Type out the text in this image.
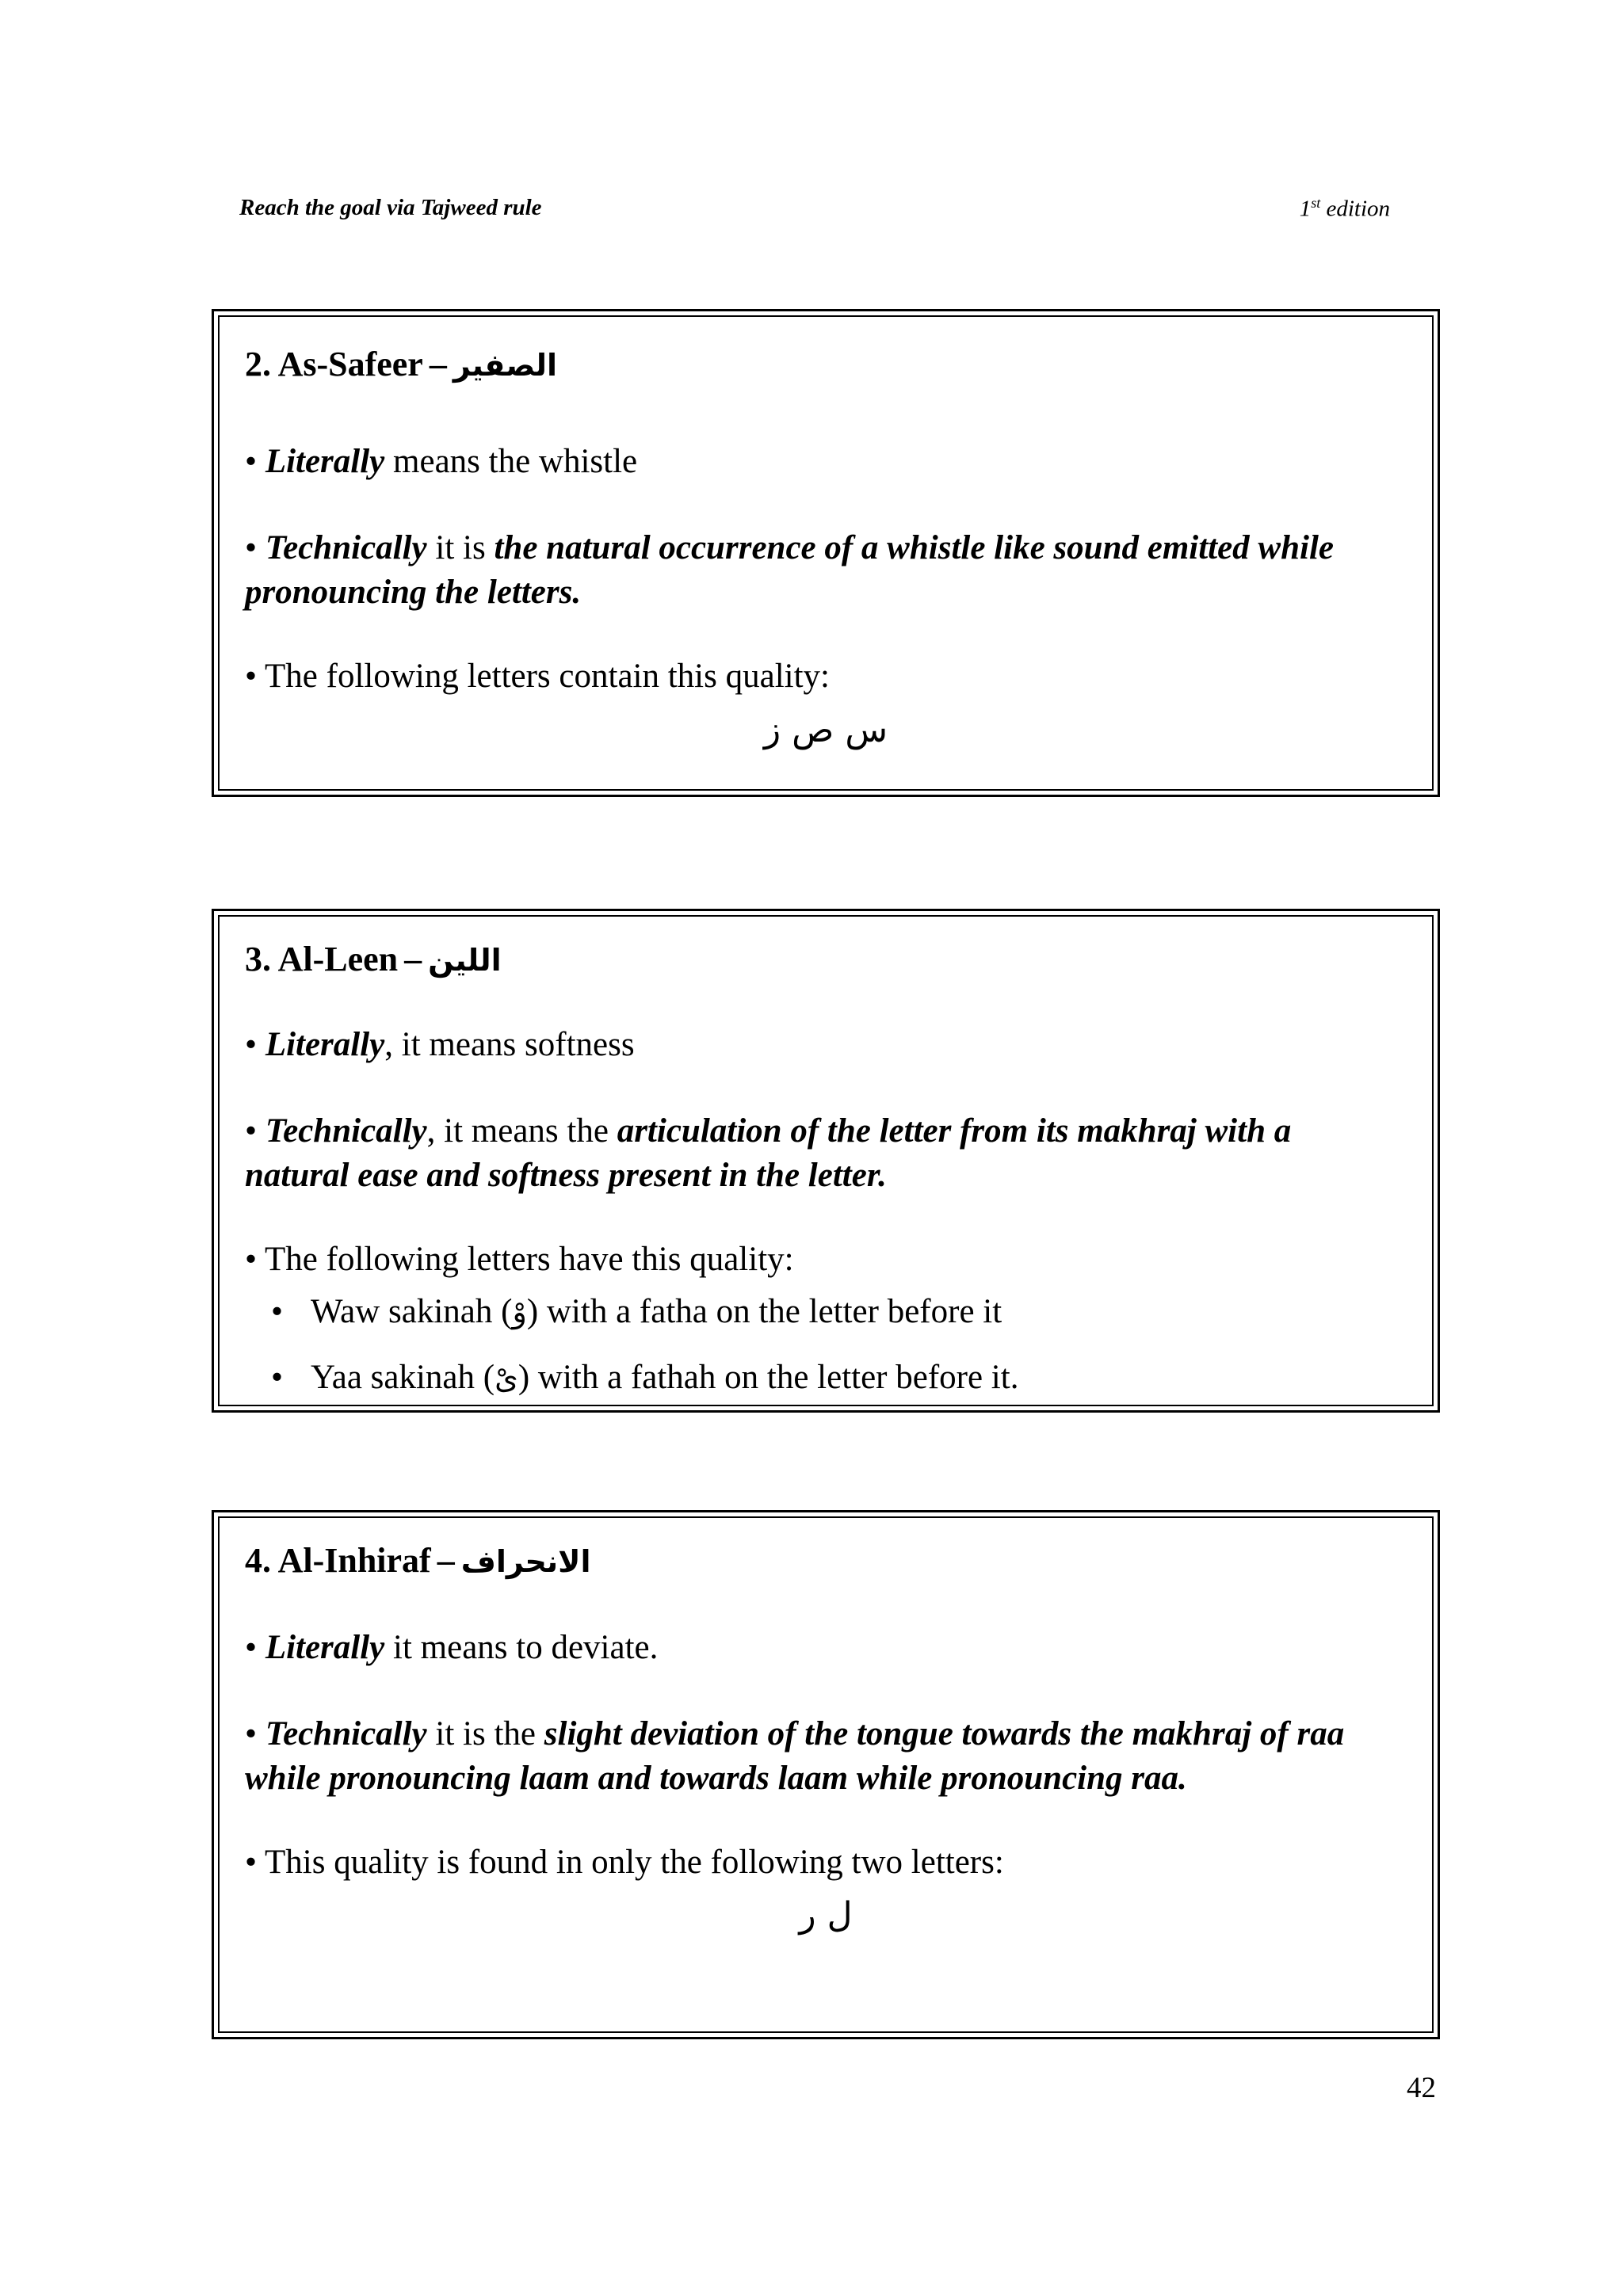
Reach the goal via Tajweed rule	1st edition
2. As-Safeer – الصفير
• Literally means the whistle
• Technically it is the natural occurrence of a whistle like sound emitted while pronouncing the letters.
• The following letters contain this quality:
س ص ز
3. Al-Leen – اللين
• Literally, it means softness
• Technically, it means the articulation of the letter from its makhraj with a natural ease and softness present in the letter.
• The following letters have this quality:
• Waw sakinah (وْ) with a fatha on the letter before it
• Yaa sakinah (ىْ) with a fathah on the letter before it.
4. Al-Inhiraf – الانحراف
• Literally it means to deviate.
• Technically it is the slight deviation of the tongue towards the makhraj of raa while pronouncing laam and towards laam while pronouncing raa.
• This quality is found in only the following two letters:
ل ر
42
